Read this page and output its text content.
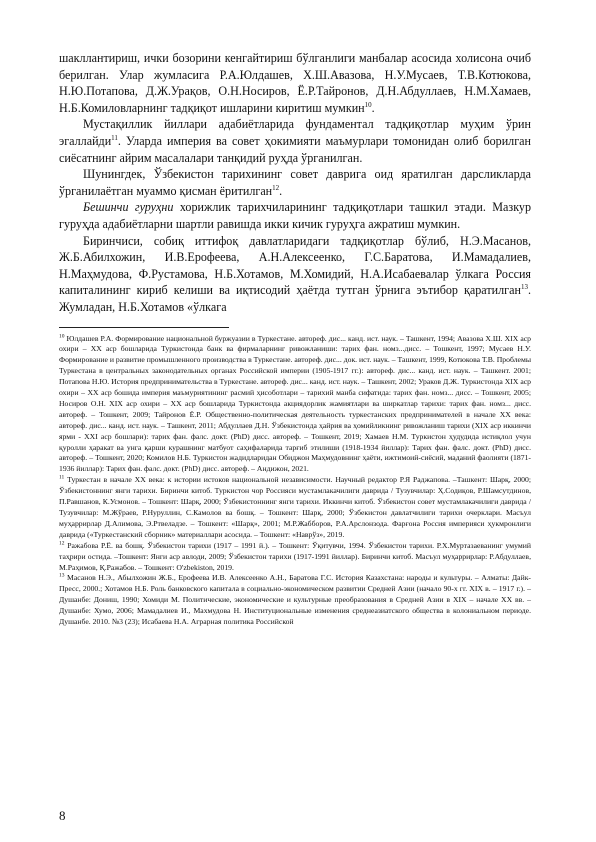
шакллантириш, ички бозорини кенгайтириш бўлганлиги манбалар асосида холисона очиб берилган. Улар жумласига Р.А.Юлдашев, Х.Ш.Авазова, Н.У.Мусаев, Т.В.Котюкова, Н.Ю.Потапова, Д.Ж.Урақов, О.Н.Носиров, Ё.Р.Тайронов, Д.Н.Абдуллаев, Н.М.Хамаев, Н.Б.Комиловларнинг тадқиқот ишларини киритиш мумкин$^{10}$.

Мустақиллик йиллари адабиётларида фундаментал тадқиқотлар муҳим ўрин эгаллайди$^{11}$. Уларда империя ва совет ҳокимияти маъмурлари томонидан олиб борилган сиёсатнинг айрим масалалари танқидий руҳда ўрганилган.

Шунингдек, Ўзбекистон тарихининг совет даврига оид яратилган дарсликларда ўрганилаётган муаммо қисман ёритилган$^{12}$.

Бешинчи гуруҳни хорижлик тарихчиларининг тадқиқотлари ташкил этади. Мазкур гуруҳда адабиётларни шартли равишда икки кичик гуруҳга ажратиш мумкин.

Биринчиси, собиқ иттифоқ давлатларидаги тадқиқотлар бўлиб, Н.Э.Масанов, Ж.Б.Абилхожин, И.В.Ерофеева, А.Н.Алексеенко, Г.С.Баратова, И.Мамадалиев, Н.Маҳмудова, Ф.Рустамова, Н.Б.Хотамов, М.Хомидий, Н.А.Исабаевалар ўлкага Россия капиталининг кириб келиши ва иқтисодий ҳаётда тутган ўрнига эътибор қаратилган$^{13}$. Жумладан, Н.Б.Хотамов «ўлкага

$^{10}$ Юлдашев Р.А. Формирование национальной буржуазии в Туркестане. автореф. дис... канд. ист. наук. – Ташкент, 1994; Авазова Х.Ш. XIX аср охири – XX аср бошларида Туркистонда банк ва фирмаларнинг ривожланиши: тарих фан. номз...дисс. – Тошкент, 1997; Мусаев Н.У. Формирование и развитие промышленного производства в Туркестане. автореф. дис... док. ист. наук. – Ташкент, 1999, Котюкова Т.В. Проблемы Туркестана в центральных законодательных органах Российской империи (1905-1917 гг.): автореф. дис... канд. ист. наук. – Ташкент. 2001; Потапова Н.Ю. История предпринимательства в Туркестане. автореф. дис... канд. ист. наук. – Ташкент, 2002; Ураков Д.Ж. Туркистонда XIX аср охири – XX аср бошида империя маъмуриятининг расмий ҳисоботлари – тарихий манба сифатида: тарих фан. номз... дисс. – Тошкент, 2005; Носиров О.Н. XIX аср охири – XX аср бошларида Туркистонда акциядорлик жамиятлари ва ширкатлар тарихи: тарих фан. номз... дисс. автореф. – Тошкент, 2009; Тайронов Ё.Р. Общественно-политическая деятельность туркестанских предпринимателей в начале XX века: автореф. дис... канд. ист. наук. – Ташкент, 2011; Абдуллаев Д.Н. Ўзбекистонда ҳайрия ва ҳомийликнинг ривожланиш тарихи (XIX аср иккинчи ярми - XXI аср бошлари): тарих фан. фалс. докт. (PhD) дисс. автореф. – Тошкент, 2019; Хамаев Н.М. Туркистон ҳудудида истиқлол учун қуролли ҳаракат ва унга қарши курашнинг матбуот саҳифаларида тарғиб этилиши (1918-1934 йиллар): Тарих фан. фалс. докт. (PhD) дисс. автореф. – Тошкент, 2020; Комилов Н.Б. Туркистон жадидларидан Обиджон Маҳмудовнинг ҳаёти, ижтимоий-сиёсий, маданий фаолияти (1871-1936 йиллар): Тарих фан. фалс. докт. (PhD) дисс. автореф. – Андижон, 2021.

$^{11}$ Туркестан в начале XX века: к истории истоков национальной независимости. Научный редактор Р.Я Раджапова. –Ташкент: Шарқ, 2000; Ўзбекистоннинг янги тарихи. Биринчи китоб. Туркистон чор Россияси мустамлакачилиги даврида / Тузувчилар: Ҳ.Содиқов, Р.Шамсутдинов, П.Равшанов, К.Усмонов. – Тошкент: Шарқ, 2000; Ўзбекистоннинг янги тарихи. Иккинчи китоб. Ўзбекистон совет мустамлакачилиги даврида / Тузувчилар: М.Жўраев, Р.Нуруллин, С.Камолов ва бошқ. – Тошкент: Шарқ, 2000; Ўзбекистон давлатчилиги тарихи очерклари. Масъул муҳаррирлар Д.Алимова, Э.Ртвеладзе. – Тошкент: «Шарқ», 2001; М.Р.Жабборов, Р.А.Арслонзода. Фарғона Россия империяси ҳукмронлиги даврида («Туркестанский сборник» материаллари асосида. – Тошкент: «Наврўз», 2019.

$^{12}$ Ражабова Р.Ё. ва бошқ. Ўзбекистон тарихи (1917 – 1991 й.). – Тошкент: Ўқитувчи, 1994. Ўзбекистон тарихи. Р.Х.Муртазаеванинг умумий таҳрири остида. –Тошкент: Янги аср авлоди, 2009; Ўзбекистон тарихи (1917-1991 йиллар). Биринчи китоб. Масъул муҳаррирлар: Р.Абдуллаев, М.Раҳимов, Қ.Ражабов. – Тошкент: O'zbekiston, 2019.

$^{13}$ Масанов Н.Э., Абылхожин Ж.Б., Ерофеева И.В. Алексеенко А.Н., Баратова Г.С. История Казахстана: народы и культуры. – Алматы: Дайк-Пресс, 2000.; Хотамов Н.Б. Роль банковского капитала в социально-экономическом развитии Средней Азии (начало 90-х гг. XIX в. – 1917 г.). – Душанбе: Дониш, 1990; Хомиди М. Политические, экономические и культурные преобразования в Средней Азии в XIX – начале XX вв. – Душанбе: Хумо, 2006; Мамадалиев И., Махмудова Н. Институциональные изменения среднеазиатского общества в колониальном периоде. Душанбе. 2010. №3 (23); Исабаева Н.А. Аграрная политика Российской

8
